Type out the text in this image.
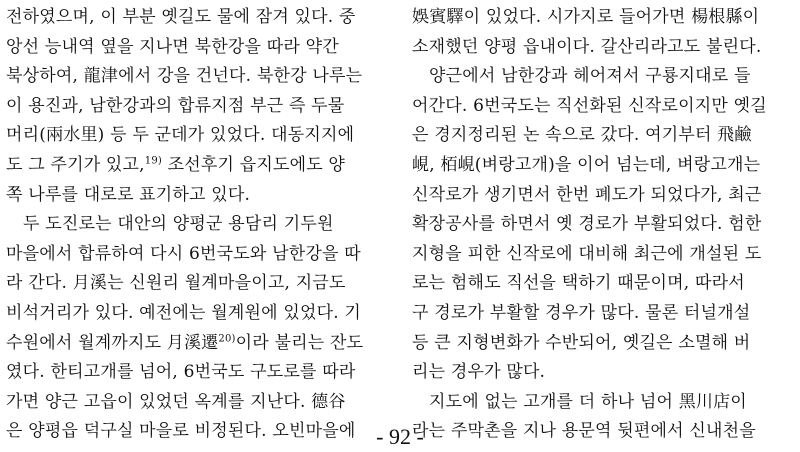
전하였으며, 이 부분 옛길도 물에 잠겨 있다. 중
앙선 능내역 옆을 지나면 북한강을 따라 약간
북상하여, 龍津에서 강을 건넌다. 북한강 나루는
이 용진과, 남한강과의 합류지점 부근 즉 두물
머리(兩水里) 등 두 군데가 있었다. 대동지지에
도 그 주기가 있고,$^{19)}$ 조선후기 읍지도에도 양
쪽 나루를 대로로 표기하고 있다.
두 도진로는 대안의 양평군 용담리 기두원
마을에서 합류하여 다시 6번국도와 남한강을 따
라 간다. 月溪는 신원리 월계마을이고, 지금도
비석거리가 있다. 예전에는 월계원에 있었다. 기
수원에서 월계까지도 月溪遷$^{20)}$이라 불리는 잔도
였다. 한티고개를 넘어, 6번국도 구도로를 따라
가면 양근 고읍이 있었던 옥계를 지난다. 德谷
은 양평읍 덕구실 마을로 비정된다. 오빈마을에
娛賓驛이 있었다. 시가지로 들어가면 楊根縣이
소재했던 양평 읍내이다. 갈산리라고도 불린다.
양근에서 남한강과 헤어져서 구룡지대로 들
어간다. 6번국도는 직선화된 신작로이지만 옛길
은 경지정리된 논 속으로 갔다. 여기부터 飛鹼
峴, 栢峴(벼랑고개)을 이어 넘는데, 벼랑고개는
신작로가 생기면서 한번 폐도가 되었다가, 최근
확장공사를 하면서 옛 경로가 부활되었다. 험한
지형을 피한 신작로에 대비해 최근에 개설된 도
로는 험해도 직선을 택하기 때문이며, 따라서
구 경로가 부활할 경우가 많다. 물론 터널개설
등 큰 지형변화가 수반되어, 옛길은 소멸해 버
리는 경우가 많다.
지도에 없는 고개를 더 하나 넘어 黑川店이
라는 주막촌을 지나 용문역 뒷편에서 신내천을
- 92 -
